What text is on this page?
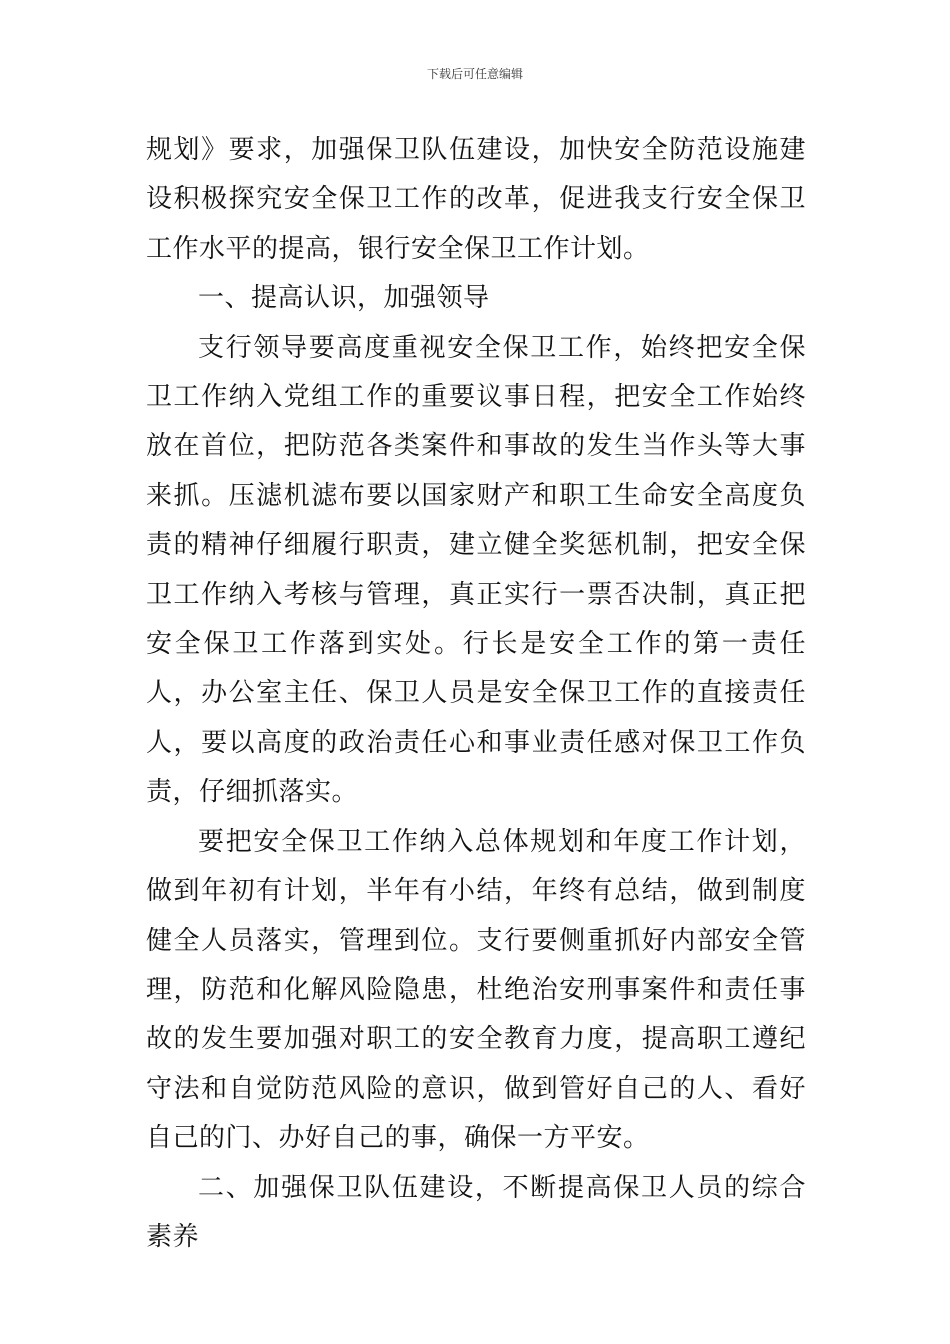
下载后可任意编辑

规划》要求，加强保卫队伍建设，加快安全防范设施建设积极探究安全保卫工作的改革，促进我支行安全保卫工作水平的提高，银行安全保卫工作计划。

一、提高认识，加强领导

支行领导要高度重视安全保卫工作，始终把安全保卫工作纳入党组工作的重要议事日程，把安全工作始终放在首位，把防范各类案件和事故的发生当作头等大事来抓。压滤机滤布要以国家财产和职工生命安全高度负责的精神仔细履行职责，建立健全奖惩机制，把安全保卫工作纳入考核与管理，真正实行一票否决制，真正把安全保卫工作落到实处。行长是安全工作的第一责任人，办公室主任、保卫人员是安全保卫工作的直接责任人，要以高度的政治责任心和事业责任感对保卫工作负责，仔细抓落实。

要把安全保卫工作纳入总体规划和年度工作计划，做到年初有计划，半年有小结，年终有总结，做到制度健全人员落实，管理到位。支行要侧重抓好内部安全管理，防范和化解风险隐患，杜绝治安刑事案件和责任事故的发生要加强对职工的安全教育力度，提高职工遵纪守法和自觉防范风险的意识，做到管好自己的人、看好自己的门、办好自己的事，确保一方平安。

二、加强保卫队伍建设，不断提高保卫人员的综合素养
